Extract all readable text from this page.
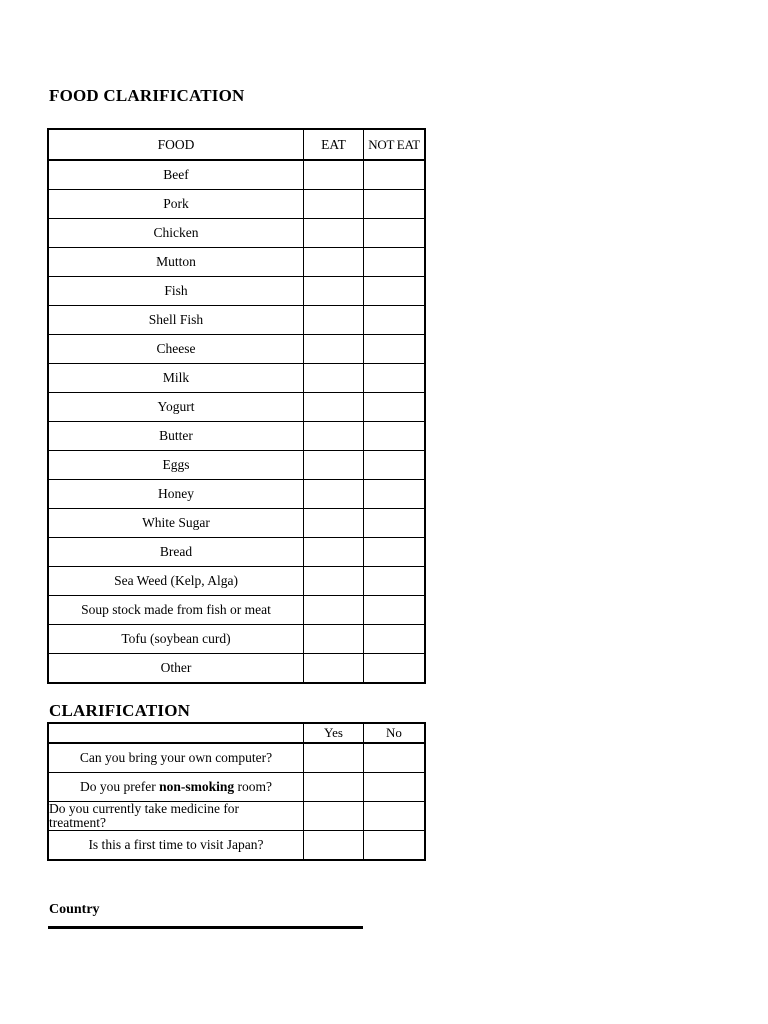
FOOD CLARIFICATION
FOOD	EAT	NOT EAT
Beef		
Pork		
Chicken		
Mutton		
Fish		
Shell Fish		
Cheese		
Milk		
Yogurt		
Butter		
Eggs		
Honey		
White Sugar		
Bread		
Sea Weed (Kelp, Alga)		
Soup stock made from fish or meat		
Tofu (soybean curd)		
Other		
CLARIFICATION
	Yes	No
Can you bring your own computer?		
Do you prefer non-smoking room?		

Do you currently take medicine for treatment?		

Is this a first time to visit Japan?		
Country
